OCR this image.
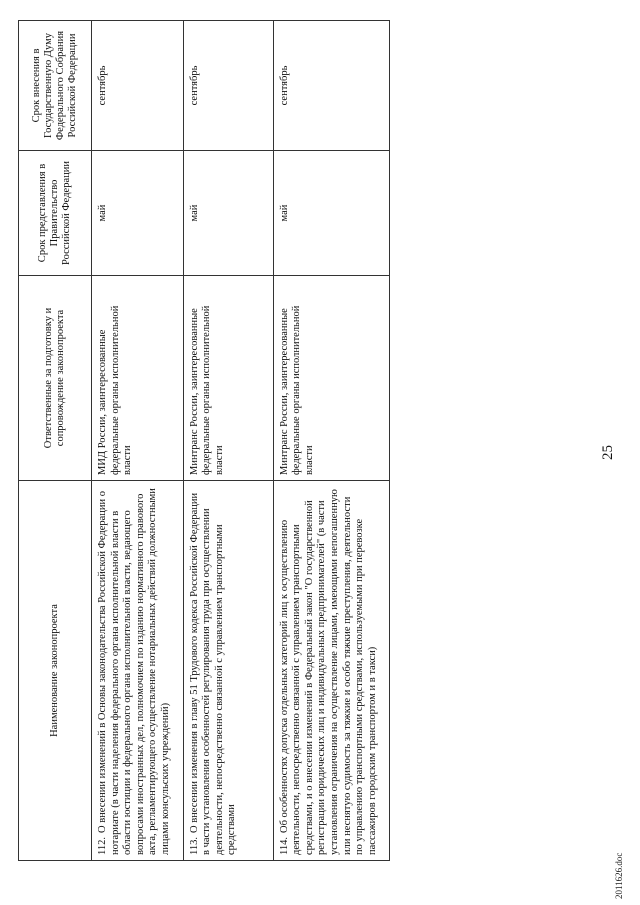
Наименование законопроекта	Ответственные за подготовку и сопровождение законопроекта	Срок представления в Правительство Российской Федерации	Срок внесения в Государственную Думу Федерального Собрания Российской Федерации
112.О внесении изменений в Основы законодательства Российской Федерации о нотариате (в части наделения федерального органа исполнительной власти в области юстиции и федерального органа исполнительной власти, ведающего вопросами иностранных дел, полномочием по изданию нормативного правового акта, регламентирующего осуществление нотариальных действий должностными лицами консульских учреждений)	МИД России, заинтересованные федеральные органы исполнительной власти	май	сентябрь
113.О внесении изменения в главу 51 Трудового кодекса Российской Федерации в части установления особенностей регулирования труда при осуществлении деятельности, непосредственно связанной с управлением транспортными средствами	Минтранс России, заинтересованные федеральные органы исполнительной власти	май	сентябрь
114.Об особенностях допуска отдельных категорий лиц к осуществлению деятельности, непосредственно связанной с управлением транспортными средствами, и о внесении изменений в Федеральный закон "О государственной регистрации юридических лиц и индивидуальных предпринимателей" (в части установления ограничения на осуществление лицами, имеющими непогашенную или неснятую судимость за тяжкие и особо тяжкие преступления, деятельности по управлению транспортными средствами, используемыми при перевозке пассажиров городским транспортом и в такси)	Минтранс России, заинтересованные федеральные органы исполнительной власти	май	сентябрь
25
2011626.doc
